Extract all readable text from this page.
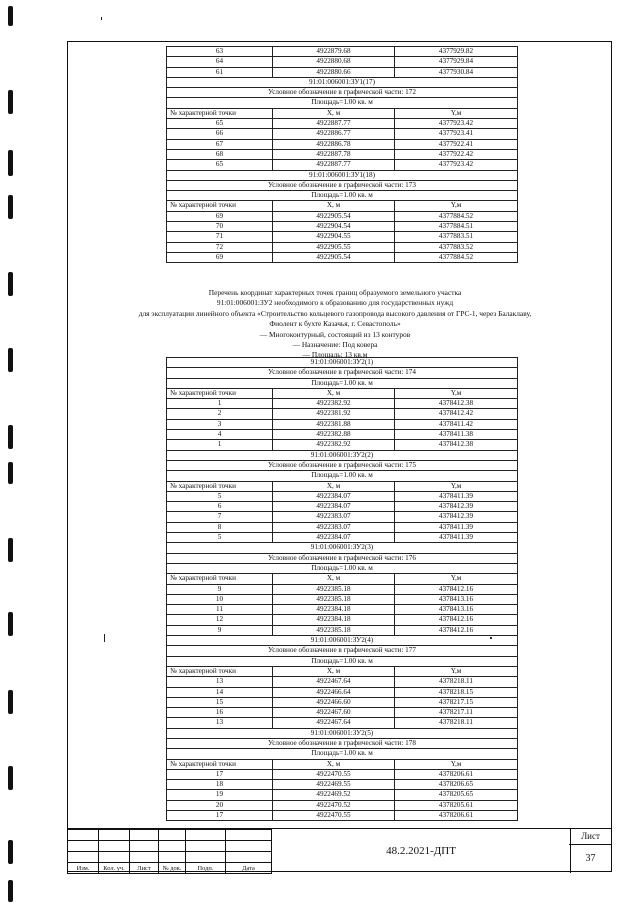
63	4922879.68	4377929.82
64	4922880.68	4377929.84
61	4922880.66	4377930.84
91:01:006001:ЗУ1(17)		
Условное обозначение в графической части: 172		
Площадь=1.00 кв. м		
№ характерной точки	X, м	Y,м
65	4922887.77	4377923.42
66	4922886.77	4377923.41
67	4922886.78	4377922.41
68	4922887.78	4377922.42
65	4922887.77	4377923.42
91:01:006001:ЗУ1(18)		
Условное обозначение в графической части: 173		
Площадь=1.00 кв. м		
№ характерной точки	X, м	Y,м
69	4922905.54	4377884.52
70	4922904.54	4377884.51
71	4922904.55	4377883.51
72	4922905.55	4377883.52
69	4922905.54	4377884.52
Перечень координат характерных точек границ образуемого земельного участка
91:01:006001:ЗУ2 необходимого к образованию для государственных нужд
для эксплуатации линейного объекта «Строительство кольцевого газопровода высокого давления от ГРС-1, через Балаклаву,
Фиолент к бухте Казачья, г. Севастополь»
— Многоконтурный, состоящий из 13 контуров
— Назначение: Под ковера
— Площадь: 13 кв.м
91:01:006001:ЗУ2(1)		
Условное обозначение в графической части: 174		
Площадь=1.00 кв. м		
№ характерной точки	X, м	Y,м
1	4922382.92	4378412.38
2	4922381.92	4378412.42
3	4922381.88	4378411.42
4	4922382.88	4378411.38
1	4922382.92	4378412.38
91:01:006001:ЗУ2(2)		
Условное обозначение в графической части: 175		
Площадь=1.00 кв. м		
№ характерной точки	X, м	Y,м
5	4922384.07	4378411.39
6	4922384.07	4378412.39
7	4922383.07	4378412.39
8	4922383.07	4378411.39
5	4922384.07	4378411.39
91:01:006001:ЗУ2(3)		
Условное обозначение в графической части: 176		
Площадь=1.00 кв. м		
№ характерной точки	X, м	Y,м
9	4922385.18	4378412.16
10	4922385.18	4378413.16
11	4922384.18	4378413.16
12	4922384.18	4378412.16
9	4922385.18	4378412.16
91:01:006001:ЗУ2(4)		
Условное обозначение в графической части: 177		
Площадь=1.00 кв. м		
№ характерной точки	X, м	Y,м
13	4922467.64	4378218.11
14	4922466.64	4378218.15
15	4922466.60	4378217.15
16	4922467.60	4378217.11
13	4922467.64	4378218.11
91:01:006001:ЗУ2(5)		
Условное обозначение в графической части: 178		
Площадь=1.00 кв. м		
№ характерной точки	X, м	Y,м
17	4922470.55	4378206.61
18	4922469.55	4378206.65
19	4922469.52	4378205.65
20	4922470.52	4378205.61
17	4922470.55	4378206.61

Изм.	Кол. уч.	Лист	№ док.	Подп.	Дата
48.2.2021-ДПТ
Лист
37
